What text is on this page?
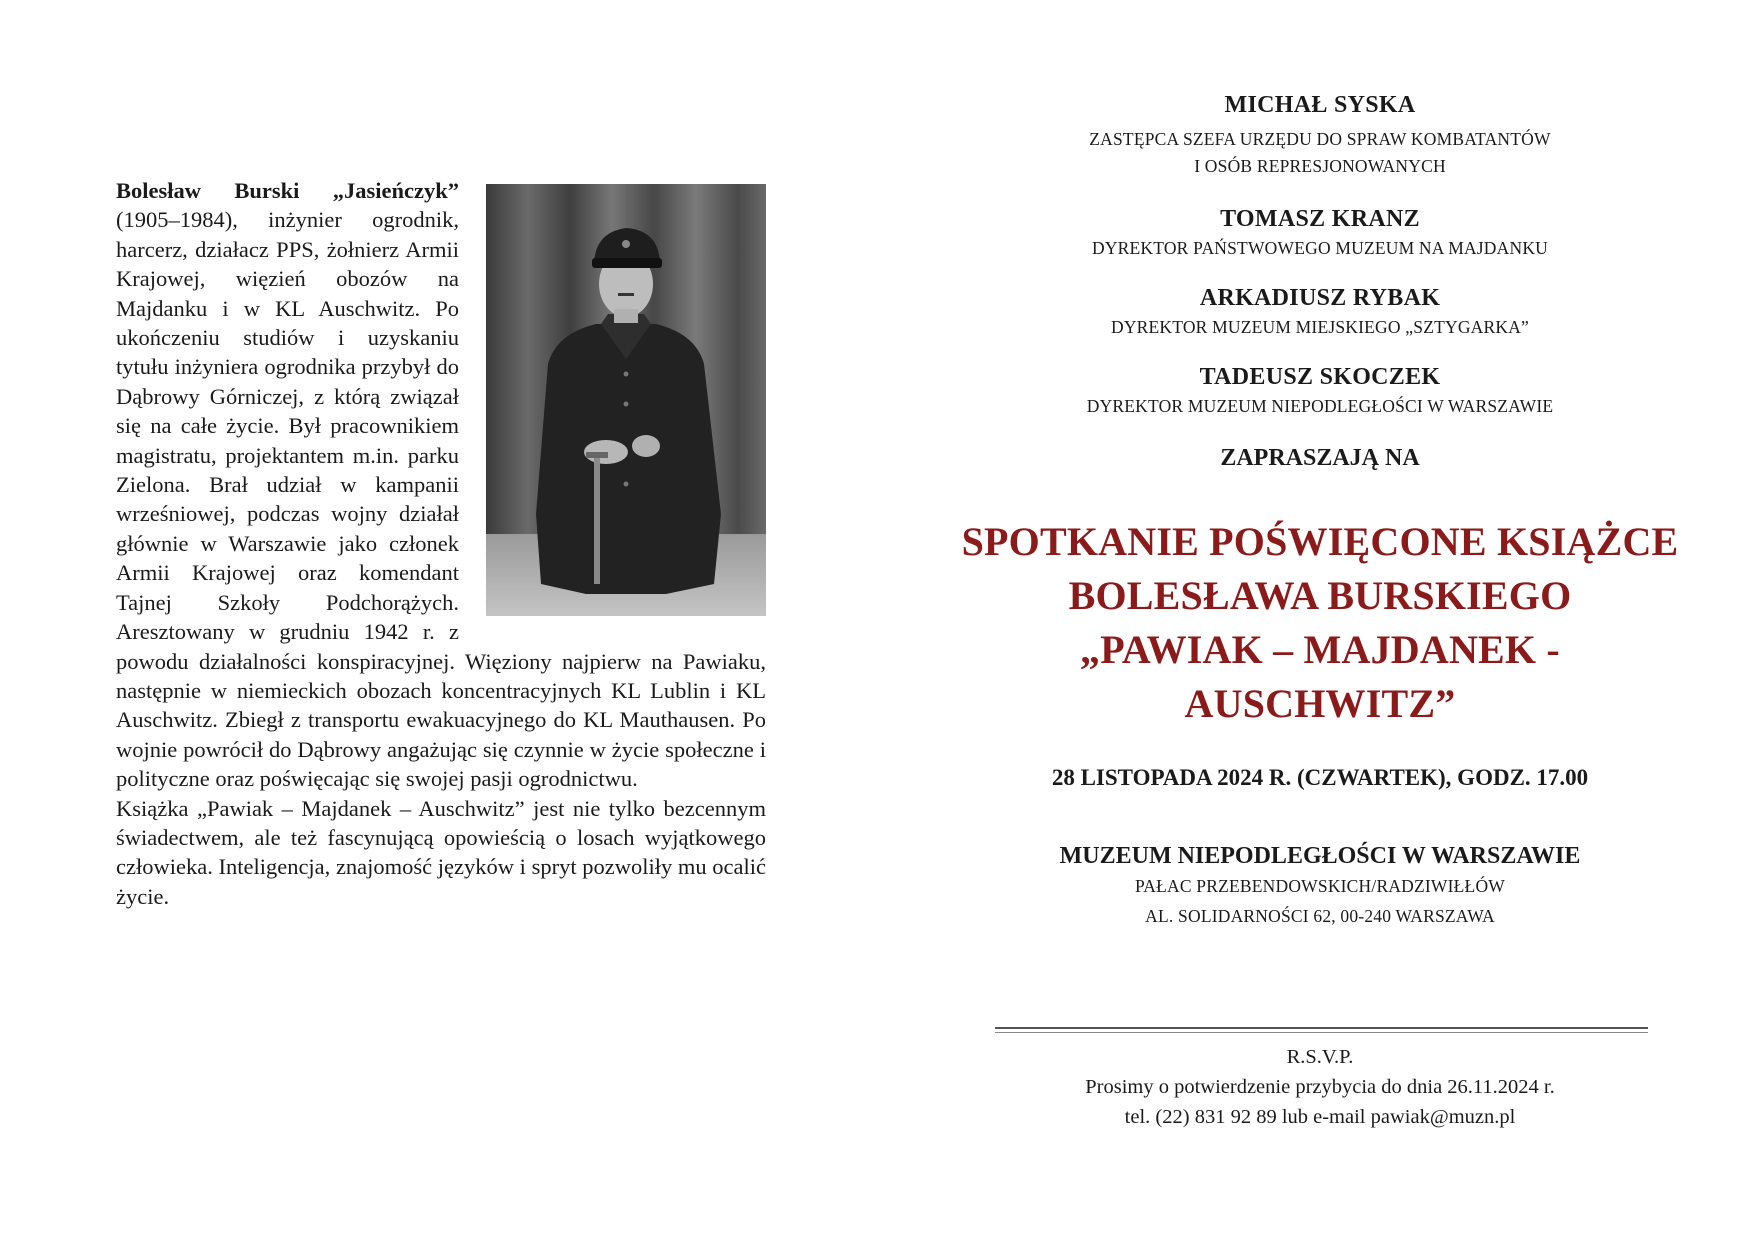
Bolesław Burski „Jasieńczyk” (1905–1984), inżynier ogrodnik, harcerz, działacz PPS, żołnierz Armii Krajowej, więzień obozów na Majdanku i w KL Auschwitz. Po ukończeniu studiów i uzyskaniu tytułu inżyniera ogrodnika przybył do Dąbrowy Górniczej, z którą związał się na całe życie. Był pracownikiem magistratu, projektantem m.in. parku Zielona. Brał udział w kampanii wrześniowej, podczas wojny działał głównie w Warszawie jako członek Armii Krajowej oraz komendant Tajnej Szkoły Podchorążych. Aresztowany w grudniu 1942 r. z powodu działalności konspiracyjnej. Więziony najpierw na Pawiaku, następnie w niemieckich obozach koncentracyjnych KL Lublin i KL Auschwitz. Zbiegł z transportu ewakuacyjnego do KL Mauthausen. Po wojnie powrócił do Dąbrowy angażując się czynnie w życie społeczne i polityczne oraz poświęcając się swojej pasji ogrodnictwu.

Książka „Pawiak – Majdanek – Auschwitz” jest nie tylko bezcennym świadectwem, ale też fascynującą opowieścią o losach wyjątkowego człowieka. Inteligencja, znajomość języków i spryt pozwoliły mu ocalić życie.

MICHAŁ SYSKA
ZASTĘPCA SZEFA URZĘDU DO SPRAW KOMBATANTÓW
I OSÓB REPRESJONOWANYCH
TOMASZ KRANZ
DYREKTOR PAŃSTWOWEGO MUZEUM NA MAJDANKU
ARKADIUSZ RYBAK
DYREKTOR MUZEUM MIEJSKIEGO „SZTYGARKA”
TADEUSZ SKOCZEK
DYREKTOR MUZEUM NIEPODLEGŁOŚCI W WARSZAWIE
ZAPRASZAJĄ NA
SPOTKANIE POŚWIĘCONE KSIĄŻCE
BOLESŁAWA BURSKIEGO
„PAWIAK – MAJDANEK - AUSCHWITZ”
28 LISTOPADA 2024 R. (CZWARTEK), GODZ. 17.00
MUZEUM NIEPODLEGŁOŚCI W WARSZAWIE
PAŁAC PRZEBENDOWSKICH/RADZIWIŁŁÓW
AL. SOLIDARNOŚCI 62, 00-240 WARSZAWA
R.S.V.P.
Prosimy o potwierdzenie przybycia do dnia 26.11.2024 r.
tel. (22) 831 92 89 lub e-mail pawiak@muzn.pl
